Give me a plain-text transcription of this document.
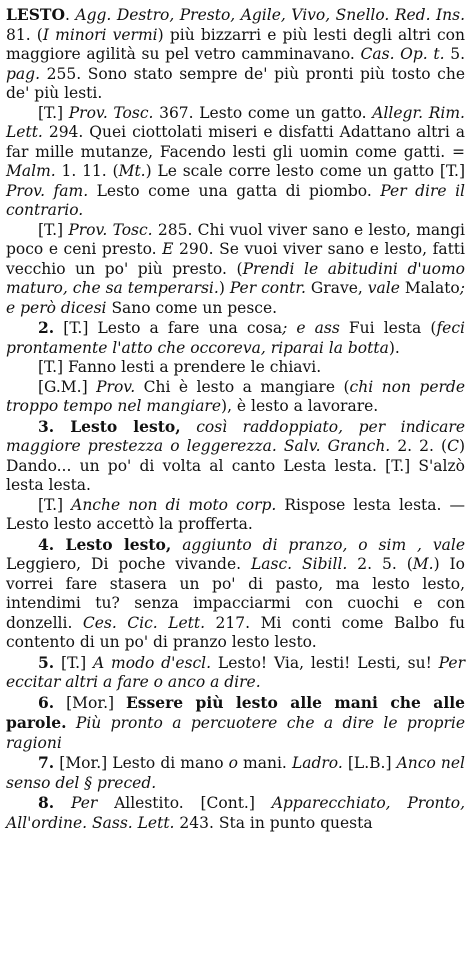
LESTO. Agg. Destro, Presto, Agile, Vivo, Snello. Red. Ins. 81. (I minori vermi) più bizzarri e più lesti degli altri con maggiore agilità su pel vetro camminavano. Cas. Op. t. 5. pag. 255. Sono stato sempre de' più pronti più tosto che de' più lesti.

[T.] Prov. Tosc. 367. Lesto come un gatto. Allegr. Rim. Lett. 294. Quei ciottolati miseri e disfatti Adattano altri a far mille mutanze, Facendo lesti gli uomin come gatti. = Malm. 1. 11. (Mt.) Le scale corre lesto come un gatto [T.] Prov. fam. Lesto come una gatta di piombo. Per dire il contrario.

[T.] Prov. Tosc. 285. Chi vuol viver sano e lesto, mangi poco e ceni presto. E 290. Se vuoi viver sano e lesto, fatti vecchio un po' più presto. (Prendi le abitudini d'uomo maturo, che sa temperarsi.) Per contr. Grave, vale Malato; e però dicesi Sano come un pesce.

2. [T.] Lesto a fare una cosa; e ass Fui lesta (feci prontamente l'atto che occoreva, riparai la botta).

[T.] Fanno lesti a prendere le chiavi.

[G.M.] Prov. Chi è lesto a mangiare (chi non perde troppo tempo nel mangiare), è lesto a lavorare.

3. Lesto lesto, così raddoppiato, per indicare maggiore prestezza o leggerezza. Salv. Granch. 2. 2. (C) Dando... un po' di volta al canto Lesta lesta. [T.] S'alzò lesta lesta.

[T.] Anche non di moto corp. Rispose lesta lesta. — Lesto lesto accettò la profferta.

4. Lesto lesto, aggiunto di pranzo, o sim , vale Leggiero, Di poche vivande. Lasc. Sibill. 2. 5. (M.) Io vorrei fare stasera un po' di pasto, ma lesto lesto, intendimi tu? senza impacciarmi con cuochi e con donzelli. Ces. Cic. Lett. 217. Mi conti come Balbo fu contento di un po' di pranzo lesto lesto.

5. [T.] A modo d'escl. Lesto! Via, lesti! Lesti, su! Per eccitar altri a fare o anco a dire.

6. [Mor.] Essere più lesto alle mani che alle parole. Più pronto a percuotere che a dire le proprie ragioni

7. [Mor.] Lesto di mano o mani. Ladro. [L.B.] Anco nel senso del § preced.

8. Per Allestito. [Cont.] Apparecchiato, Pronto, All'ordine. Sass. Lett. 243. Sta in punto questa
